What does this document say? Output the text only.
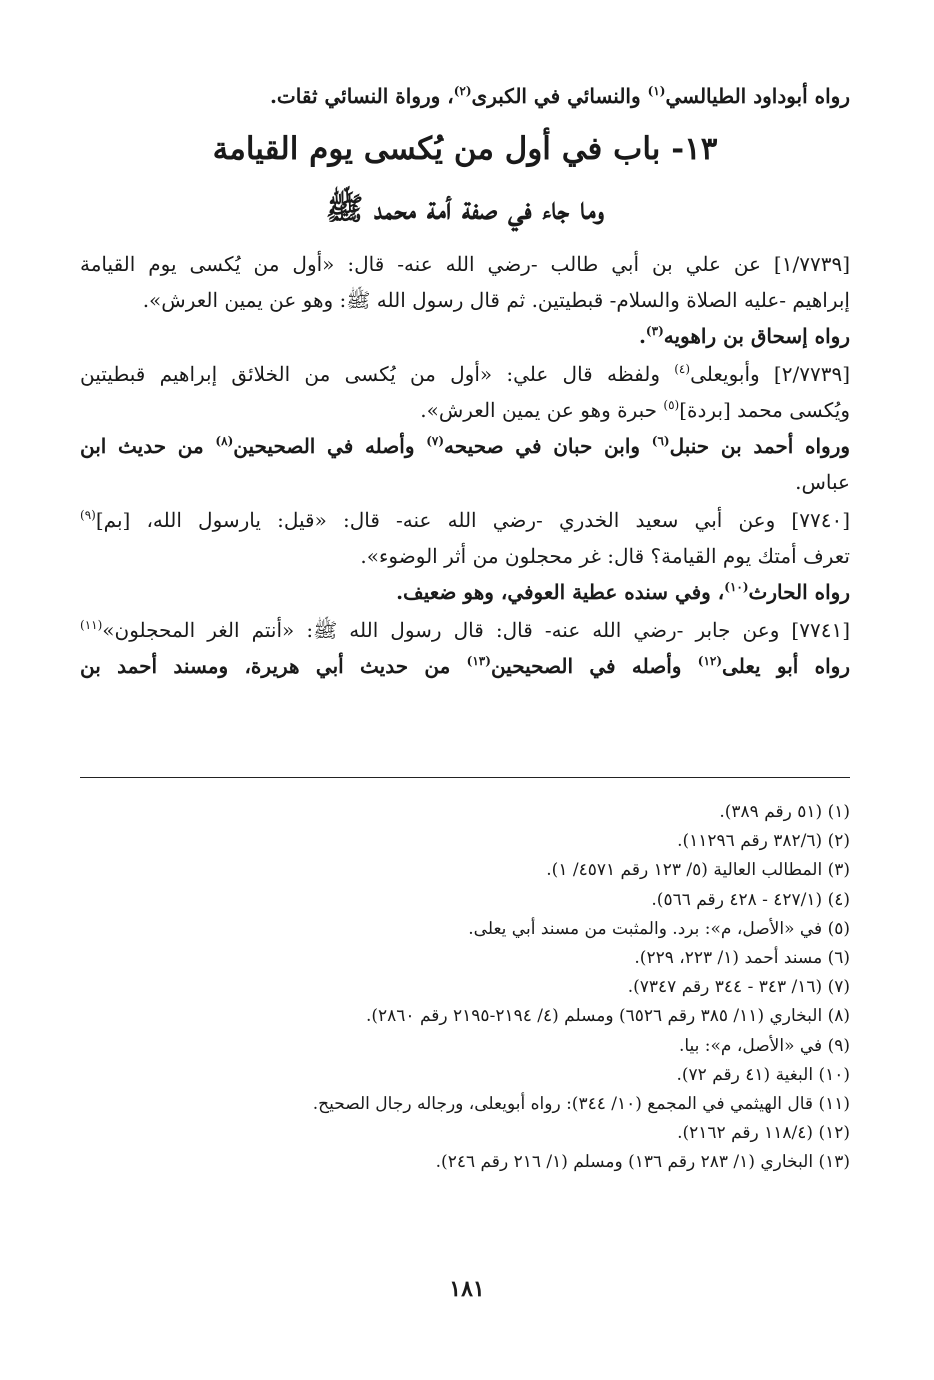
رواه أبوداود الطيالسي$^{(١)}$ والنسائي في الكبرى$^{(٢)}$، ورواة النسائي ثقات.
١٣- باب في أول من يُكسى يوم القيامة
وما جاء في صفة أمة محمد ﷺ
[١/٧٧٣٩] عن علي بن أبي طالب -رضي الله عنه- قال: «أول من يُكسى يوم القيامة
إبراهيم -عليه الصلاة والسلام- قبطيتين. ثم قال رسول الله ﷺ: وهو عن يمين العرش».
رواه إسحاق بن راهويه$^{(٣)}$.
[٢/٧٧٣٩] وأبويعلى$^{(٤)}$ ولفظه قال علي: «أول من يُكسى من الخلائق إبراهيم قبطيتين
ويُكسى محمد [بردة]$^{(٥)}$ حبرة وهو عن يمين العرش».
ورواه أحمد بن حنبل$^{(٦)}$ وابن حبان في صحيحه$^{(٧)}$ وأصله في الصحيحين$^{(٨)}$ من حديث ابن
عباس.
[٧٧٤٠] وعن أبي سعيد الخدري -رضي الله عنه- قال: «قيل: يارسول الله، [بم]$^{(٩)}$
تعرف أمتك يوم القيامة؟ قال: غر محجلون من أثر الوضوء».
رواه الحارث$^{(١٠)}$، وفي سنده عطية العوفي، وهو ضعيف.
[٧٧٤١] وعن جابر -رضي الله عنه- قال: قال رسول الله ﷺ: «أنتم الغر المحجلون»$^{(١١)}$
رواه أبو يعلى$^{(١٢)}$ وأصله في الصحيحين$^{(١٣)}$ من حديث أبي هريرة، ومسند أحمد بن
(١) (٥١ رقم ٣٨٩).
(٢) (٣٨٢/٦ رقم ١١٢٩٦).
(٣) المطالب العالية (٥/ ١٢٣ رقم ٤٥٧١/ ١).
(٤) (٤٢٧/١ - ٤٢٨ رقم ٥٦٦).
(٥) في «الأصل، م»: برد. والمثبت من مسند أبي يعلى.
(٦) مسند أحمد (١/ ٢٢٣، ٢٢٩).
(٧) (١٦/ ٣٤٣ - ٣٤٤ رقم ٧٣٤٧).
(٨) البخاري (١١/ ٣٨٥ رقم ٦٥٢٦) ومسلم (٤/ ٢١٩٤-٢١٩٥ رقم ٢٨٦٠).
(٩) في «الأصل، م»: بيا.
(١٠) البغية (٤١ رقم ٧٢).
(١١) قال الهيثمي في المجمع (١٠/ ٣٤٤): رواه أبويعلى، ورجاله رجال الصحيح.
(١٢) (١١٨/٤ رقم ٢١٦٢).
(١٣) البخاري (١/ ٢٨٣ رقم ١٣٦) ومسلم (١/ ٢١٦ رقم ٢٤٦).
١٨١
